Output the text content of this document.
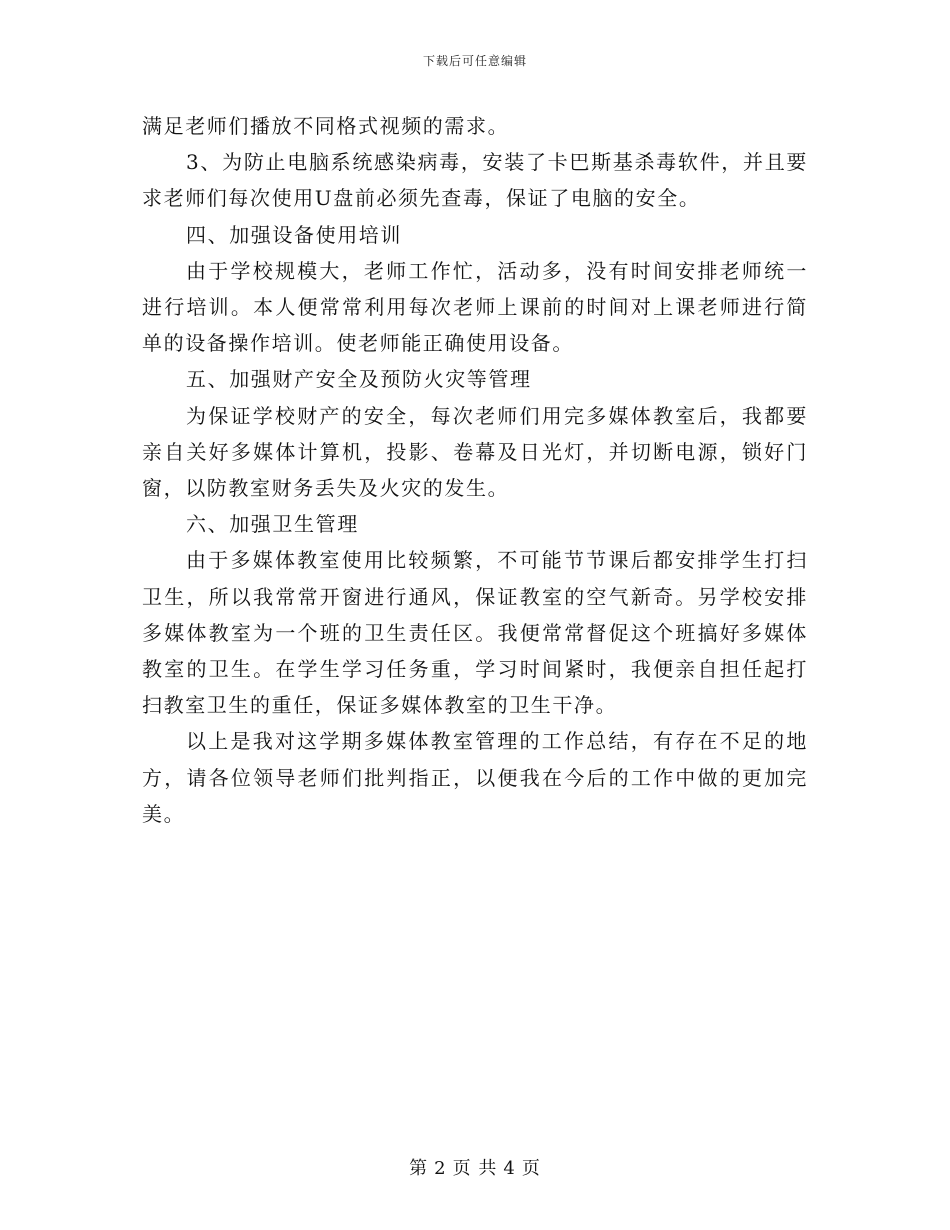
下载后可任意编辑

满足老师们播放不同格式视频的需求。

3、为防止电脑系统感染病毒，安装了卡巴斯基杀毒软件，并且要求老师们每次使用U盘前必须先查毒，保证了电脑的安全。

四、加强设备使用培训

由于学校规模大，老师工作忙，活动多，没有时间安排老师统一进行培训。本人便常常利用每次老师上课前的时间对上课老师进行简单的设备操作培训。使老师能正确使用设备。

五、加强财产安全及预防火灾等管理

为保证学校财产的安全，每次老师们用完多媒体教室后，我都要亲自关好多媒体计算机，投影、卷幕及日光灯，并切断电源，锁好门窗，以防教室财务丢失及火灾的发生。

六、加强卫生管理

由于多媒体教室使用比较频繁，不可能节节课后都安排学生打扫卫生，所以我常常开窗进行通风，保证教室的空气新奇。另学校安排多媒体教室为一个班的卫生责任区。我便常常督促这个班搞好多媒体教室的卫生。在学生学习任务重，学习时间紧时，我便亲自担任起打扫教室卫生的重任，保证多媒体教室的卫生干净。

以上是我对这学期多媒体教室管理的工作总结，有存在不足的地方，请各位领导老师们批判指正，以便我在今后的工作中做的更加完美。

第 2 页 共 4 页
